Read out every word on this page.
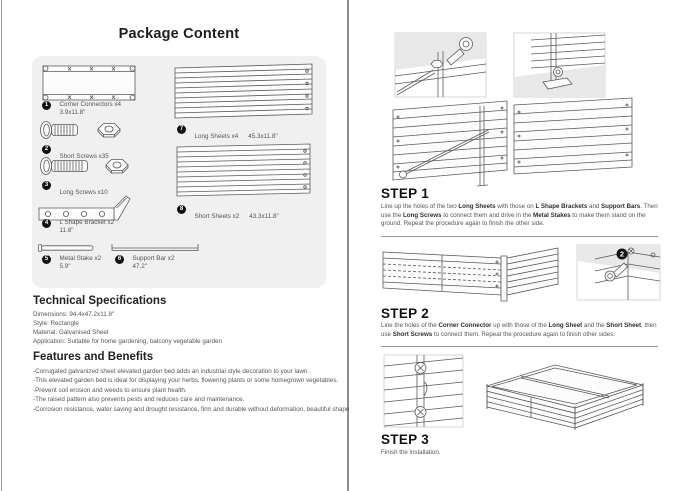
Package Content
1 Corner Connectors x4
3.9x11.8"
2 Short Screws x35
3 Long Screws x10
4 L Shape Bracket x2
11.8"
5 Metal Stake x2
5.9"
6 Support Bar x2
47.2"
7 Long Sheets x4 45.3x11.8"
8 Short Sheets x2 43.3x11.8"
Technical Specifications
Dimensions: 94.4x47.2x11.8"
Style: Rectangle
Material: Galvanised Sheet
Application: Suitable for home gardening, balcony vegetable garden
Features and Benefits
-Corrugated galvanized sheet elevated garden bed adds an industrial style decoration to your lawn.
-This elevated garden bed is ideal for displaying your herbs, flowering plants or some homegrown vegetables.
-Prevent soil erosion and weeds to ensure plant health.
-The raised pattern also prevents pests and reduces care and maintenance.
-Corrosion resistance, water saving and drought resistance, firm and durable without deformation, beautiful shape
STEP 1
Line up the holes of the two Long Sheets with those on L Shape Brackets and Support Bars. Then use the Long Screws to connect them and drive in the Metal Stakes to make them stand on the ground. Repeat the procedure again to finish the other side.
2
STEP 2
Line the holes of the Corner Connector up with those of the Long Sheet and the Short Sheet, then use Short Screws to connect them. Repeat the procedure again to finish other sides.
STEP 3
Finish the installation.
